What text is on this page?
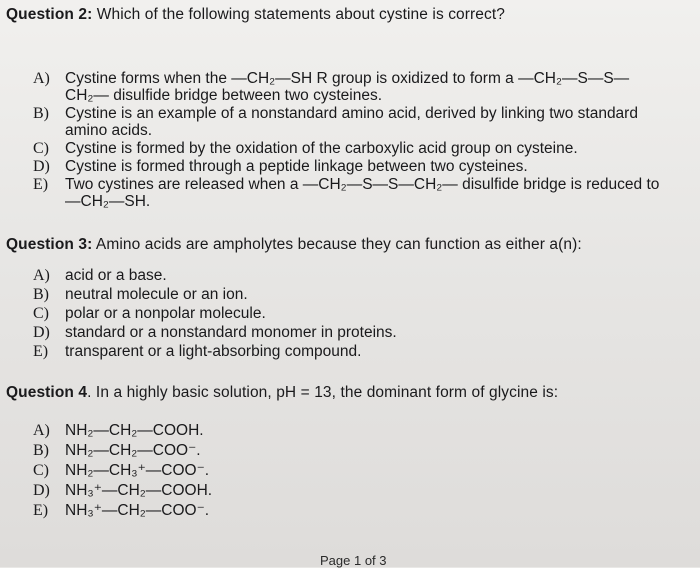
Question 2: Which of the following statements about cystine is correct?
A) Cystine forms when the —CH₂—SH R group is oxidized to form a —CH₂—S—S—
CH₂— disulfide bridge between two cysteines.
B) Cystine is an example of a nonstandard amino acid, derived by linking two standard
amino acids.
C) Cystine is formed by the oxidation of the carboxylic acid group on cysteine.
D) Cystine is formed through a peptide linkage between two cysteines.
E) Two cystines are released when a —CH₂—S—S—CH₂— disulfide bridge is reduced to
—CH₂—SH.
Question 3: Amino acids are ampholytes because they can function as either a(n):
A) acid or a base.
B) neutral molecule or an ion.
C) polar or a nonpolar molecule.
D) standard or a nonstandard monomer in proteins.
E) transparent or a light-absorbing compound.
Question 4. In a highly basic solution, pH = 13, the dominant form of glycine is:
A) NH₂—CH₂—COOH.
B) NH₂—CH₂—COO⁻.
C) NH₂—CH₃⁺—COO⁻.
D) NH₃⁺—CH₂—COOH.
E) NH₃⁺—CH₂—COO⁻.
Page 1 of 3
